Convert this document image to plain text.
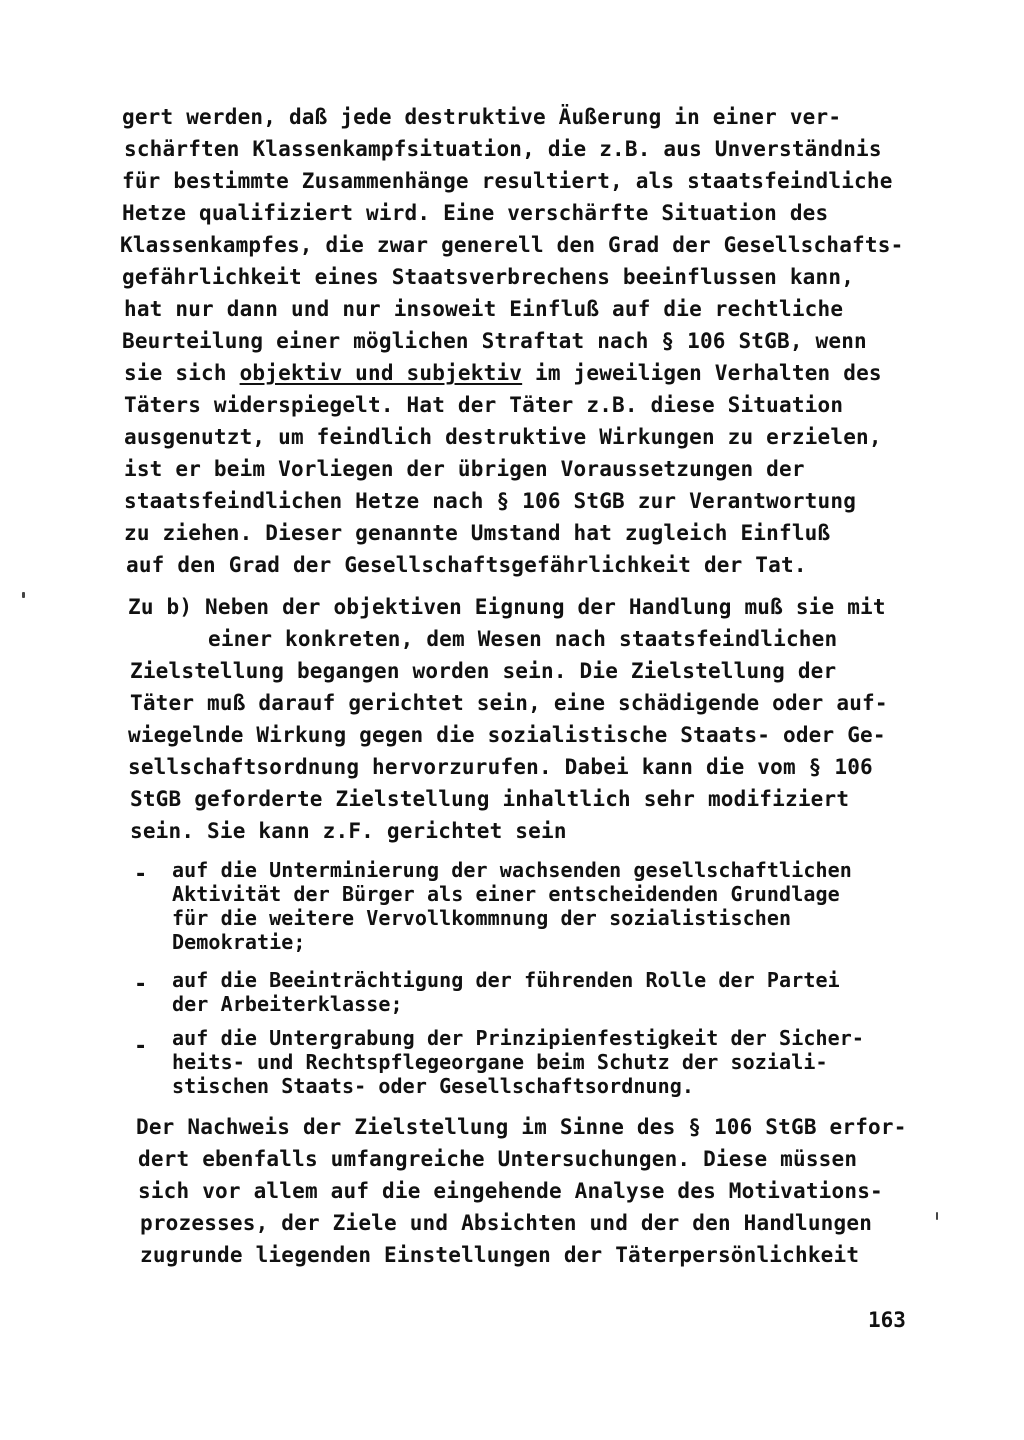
gert werden, daß jede destruktive Äußerung in einer ver-
schärften Klassenkampfsituation, die z.B. aus Unverständnis
für bestimmte Zusammenhänge resultiert, als staatsfeindliche
Hetze qualifiziert wird. Eine verschärfte Situation des
Klassenkampfes, die zwar generell den Grad der Gesellschafts-
gefährlichkeit eines Staatsverbrechens beeinflussen kann,
hat nur dann und nur insoweit Einfluß auf die rechtliche
Beurteilung einer möglichen Straftat nach § 106 StGB, wenn
sie sich objektiv und subjektiv im jeweiligen Verhalten des
Täters widerspiegelt. Hat der Täter z.B. diese Situation
ausgenutzt, um feindlich destruktive Wirkungen zu erzielen,
ist er beim Vorliegen der übrigen Voraussetzungen der
staatsfeindlichen Hetze nach § 106 StGB zur Verantwortung
zu ziehen. Dieser genannte Umstand hat zugleich Einfluß
auf den Grad der Gesellschaftsgefährlichkeit der Tat.
Zu b) Neben der objektiven Eignung der Handlung muß sie mit
einer konkreten, dem Wesen nach staatsfeindlichen
Zielstellung begangen worden sein. Die Zielstellung der
Täter muß darauf gerichtet sein, eine schädigende oder auf-
wiegelnde Wirkung gegen die sozialistische Staats- oder Ge-
sellschaftsordnung hervorzurufen. Dabei kann die vom § 106
StGB geforderte Zielstellung inhaltlich sehr modifiziert
sein. Sie kann z.F. gerichtet sein
- auf die Unterminierung der wachsenden gesellschaftlichen
Aktivität der Bürger als einer entscheidenden Grundlage
für die weitere Vervollkommnung der sozialistischen
Demokratie;
- auf die Beeinträchtigung der führenden Rolle der Partei
der Arbeiterklasse;
- auf die Untergrabung der Prinzipienfestigkeit der Sicher-
heits- und Rechtspflegeorgane beim Schutz der soziali-
stischen Staats- oder Gesellschaftsordnung.
Der Nachweis der Zielstellung im Sinne des § 106 StGB erfor-
dert ebenfalls umfangreiche Untersuchungen. Diese müssen
sich vor allem auf die eingehende Analyse des Motivations-
prozesses, der Ziele und Absichten und der den Handlungen
zugrunde liegenden Einstellungen der Täterpersönlichkeit
163
